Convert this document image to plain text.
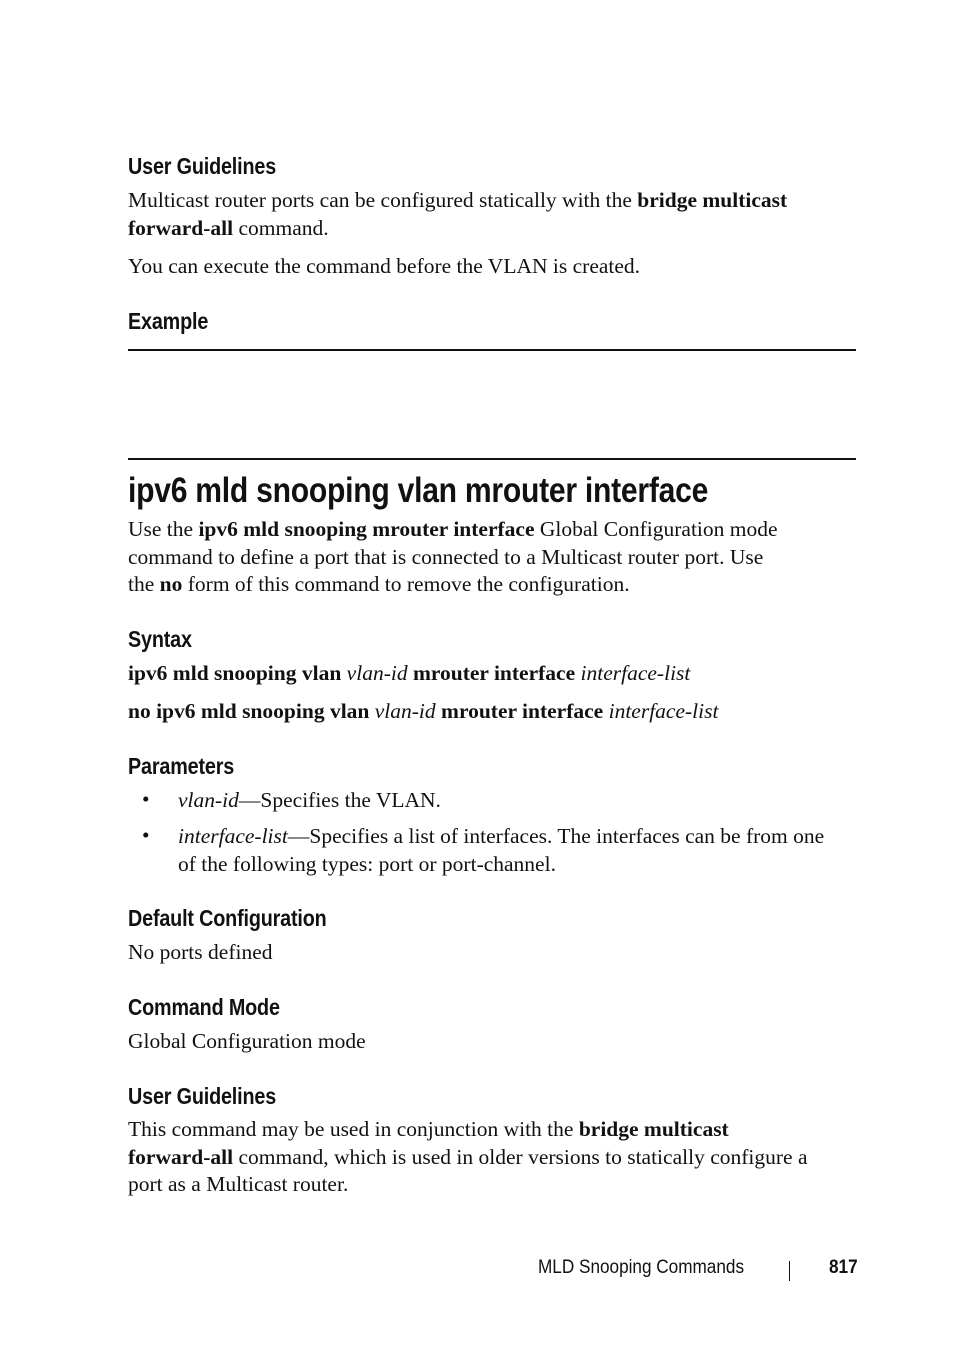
User Guidelines
Multicast router ports can be configured statically with the bridge multicast
forward-all command.
You can execute the command before the VLAN is created.
Example
ipv6 mld snooping vlan mrouter interface
Use the ipv6 mld snooping mrouter interface Global Configuration mode
command to define a port that is connected to a Multicast router port. Use
the no form of this command to remove the configuration.
Syntax
ipv6 mld snooping vlan vlan-id mrouter interface interface-list
no ipv6 mld snooping vlan vlan-id mrouter interface interface-list
Parameters
• vlan-id—Specifies the VLAN.
• interface-list—Specifies a list of interfaces. The interfaces can be from one
of the following types: port or port-channel.
Default Configuration
No ports defined
Command Mode
Global Configuration mode
User Guidelines
This command may be used in conjunction with the bridge multicast
forward-all command, which is used in older versions to statically configure a
port as a Multicast router.
MLD Snooping Commands	817
